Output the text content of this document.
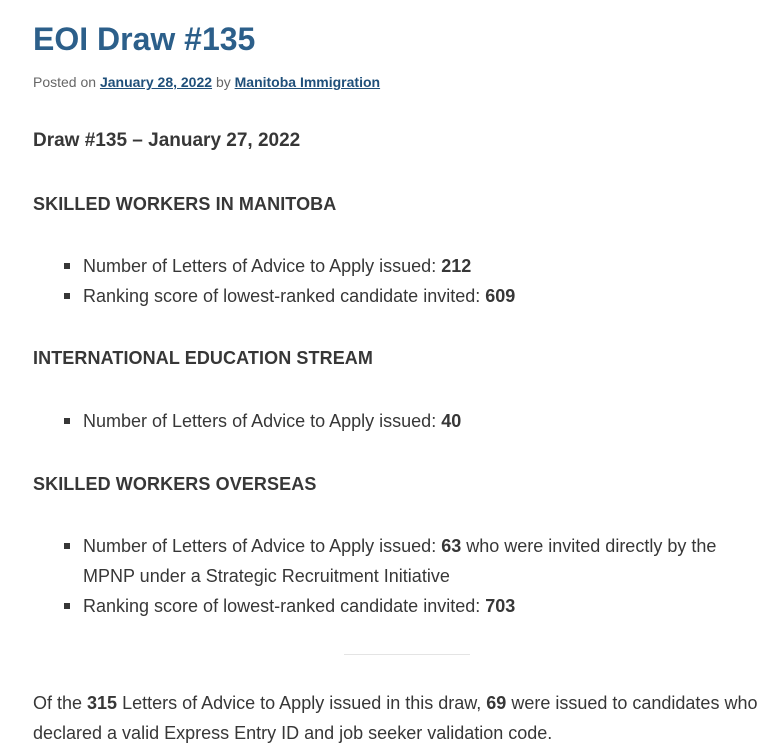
EOI Draw #135
Posted on January 28, 2022 by Manitoba Immigration
Draw #135 – January 27, 2022
SKILLED WORKERS IN MANITOBA
Number of Letters of Advice to Apply issued: 212
Ranking score of lowest-ranked candidate invited: 609
INTERNATIONAL EDUCATION STREAM
Number of Letters of Advice to Apply issued: 40
SKILLED WORKERS OVERSEAS
Number of Letters of Advice to Apply issued: 63 who were invited directly by the MPNP under a Strategic Recruitment Initiative
Ranking score of lowest-ranked candidate invited: 703

Of the 315 Letters of Advice to Apply issued in this draw, 69 were issued to candidates who declared a valid Express Entry ID and job seeker validation code.
